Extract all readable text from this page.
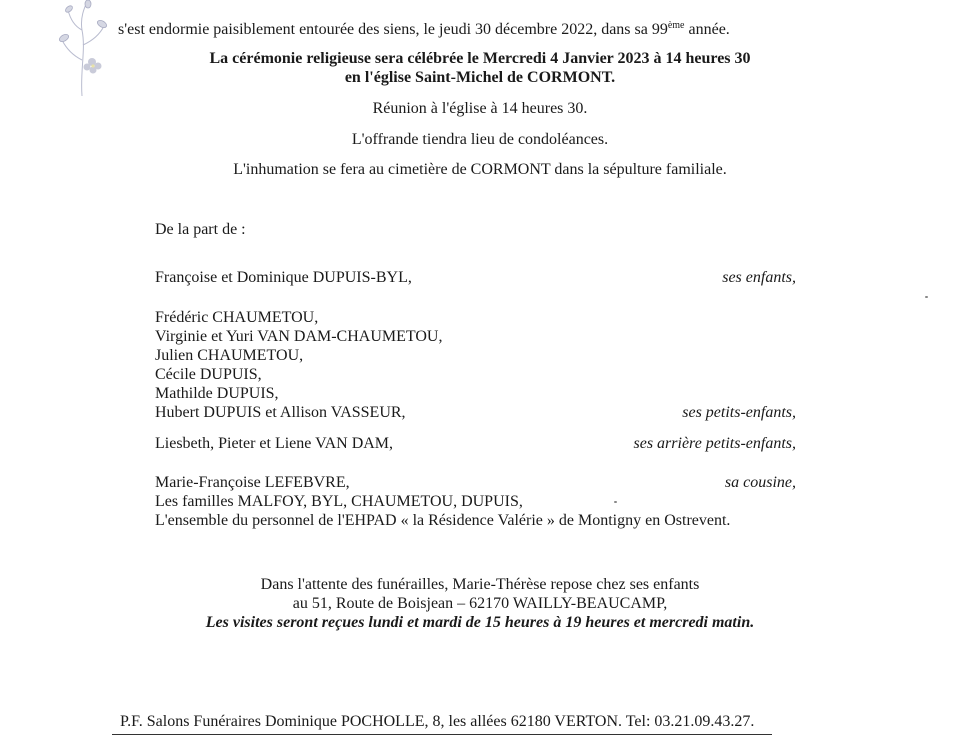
s'est endormie paisiblement entourée des siens, le jeudi 30 décembre 2022, dans sa 99ème année.
La cérémonie religieuse sera célébrée le Mercredi 4 Janvier 2023 à 14 heures 30
en l'église Saint-Michel de CORMONT.
Réunion à l'église à 14 heures 30.
L'offrande tiendra lieu de condoléances.
L'inhumation se fera au cimetière de CORMONT dans la sépulture familiale.
De la part de :
Françoise et Dominique DUPUIS-BYL,	ses enfants,
Frédéric CHAUMETOU,
Virginie et Yuri VAN DAM-CHAUMETOU,
Julien CHAUMETOU,
Cécile DUPUIS,
Mathilde DUPUIS,
Hubert DUPUIS et Allison VASSEUR,	ses petits-enfants,
Liesbeth, Pieter et Liene VAN DAM,	ses arrière petits-enfants,
Marie-Françoise LEFEBVRE,	sa cousine,
Les familles MALFOY, BYL, CHAUMETOU, DUPUIS,
L'ensemble du personnel de l'EHPAD « la Résidence Valérie » de Montigny en Ostrevent.
Dans l'attente des funérailles, Marie-Thérèse repose chez ses enfants
au 51, Route de Boisjean – 62170 WAILLY-BEAUCAMP,
Les visites seront reçues lundi et mardi de 15 heures à 19 heures et mercredi matin.
P.F. Salons Funéraires Dominique POCHOLLE, 8, les allées 62180 VERTON. Tel: 03.21.09.43.27.
